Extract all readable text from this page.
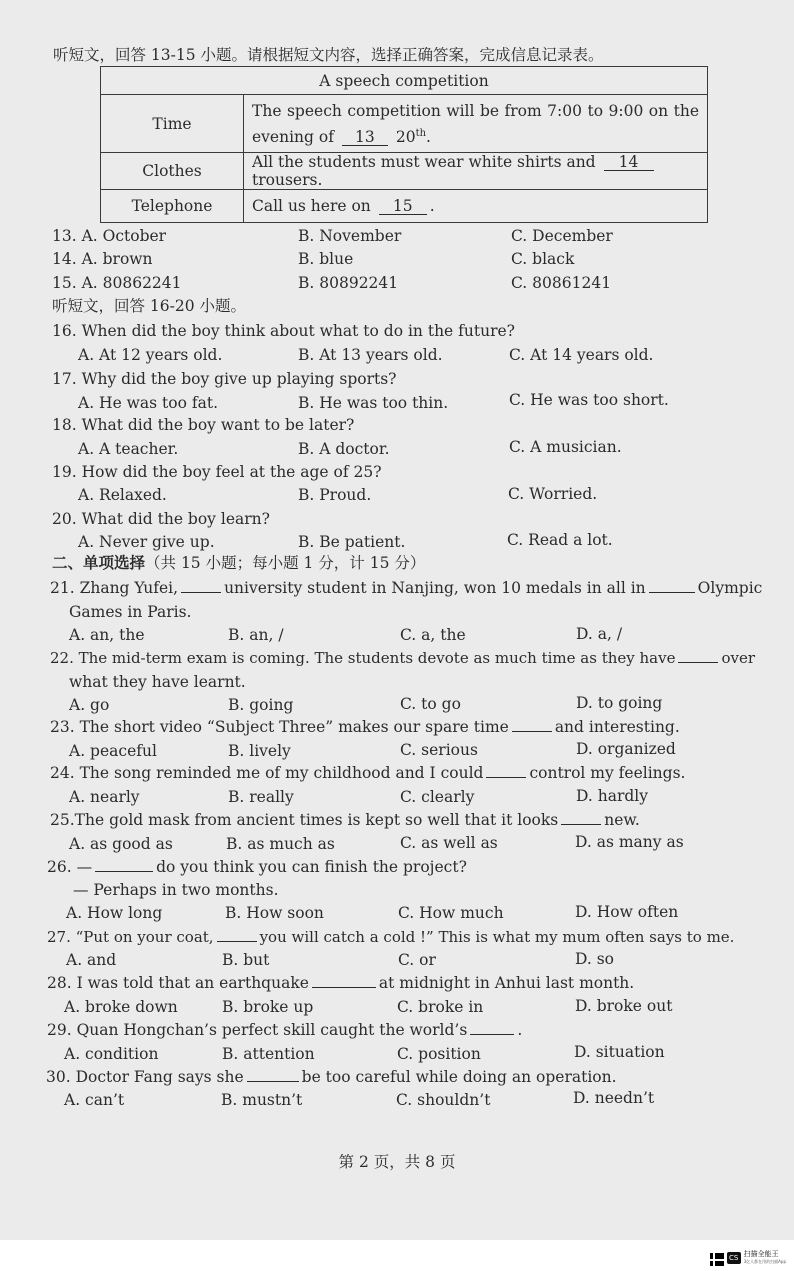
听短文，回答 13-15 小题。请根据短文内容，选择正确答案，完成信息记录表。
A speech competition	
Time	The speech competition will be from 7:00 to 9:00 on the
evening of 13 20th.

Clothes	All the students must wear white shirts and 14 trousers.
Telephone	Call us here on 15 .
13. A. October	B. November	C. December
14. A. brown	B. blue	C. black
15. A. 80862241	B. 80892241	C. 80861241
听短文，回答 16-20 小题。
16. When did the boy think about what to do in the future?
A. At 12 years old.	B. At 13 years old.	C. At 14 years old.
17. Why did the boy give up playing sports?
A. He was too fat.	B. He was too thin.	C. He was too short.
18. What did the boy want to be later?
A. A teacher.	B. A doctor.	C. A musician.
19. How did the boy feel at the age of 25?
A. Relaxed.	B. Proud.	C. Worried.
20. What did the boy learn?
A. Never give up.	B. Be patient.	C. Read a lot.
二、单项选择（共 15 小题；每小题 1 分，计 15 分）
21. Zhang Yufei,	university student in Nanjing, won 10 medals in all in	Olympic
Games in Paris.
A. an, the	B. an, /	C. a, the	D. a, /
22. The mid-term exam is coming. The students devote as much time as they have	over
what they have learnt.
A. go	B. going	C. to go	D. to going
23. The short video “Subject Three” makes our spare time	and interesting.
A. peaceful	B. lively	C. serious	D. organized
24. The song reminded me of my childhood and I could	control my feelings.
A. nearly	B. really	C. clearly	D. hardly
25.The gold mask from ancient times is kept so well that it looks	new.
A. as good as	B. as much as	C. as well as	D. as many as
26. —	do you think you can finish the project?
— Perhaps in two months.
A. How long	B. How soon	C. How much	D. How often
27. “Put on your coat,	you will catch a cold !” This is what my mum often says to me.
A. and	B. but	C. or	D. so
28. I was told that an earthquake	at midnight in Anhui last month.
A. broke down	B. broke up	C. broke in	D. broke out
29. Quan Hongchan’s perfect skill caught the world’s	.
A. condition	B. attention	C. position	D. situation
30. Doctor Fang says she	be too careful while doing an operation.
A. can’t	B. mustn’t	C. shouldn’t	D. needn’t
第 2 页，共 8 页
CS 扫描全能王
3亿人都在用的扫描App
